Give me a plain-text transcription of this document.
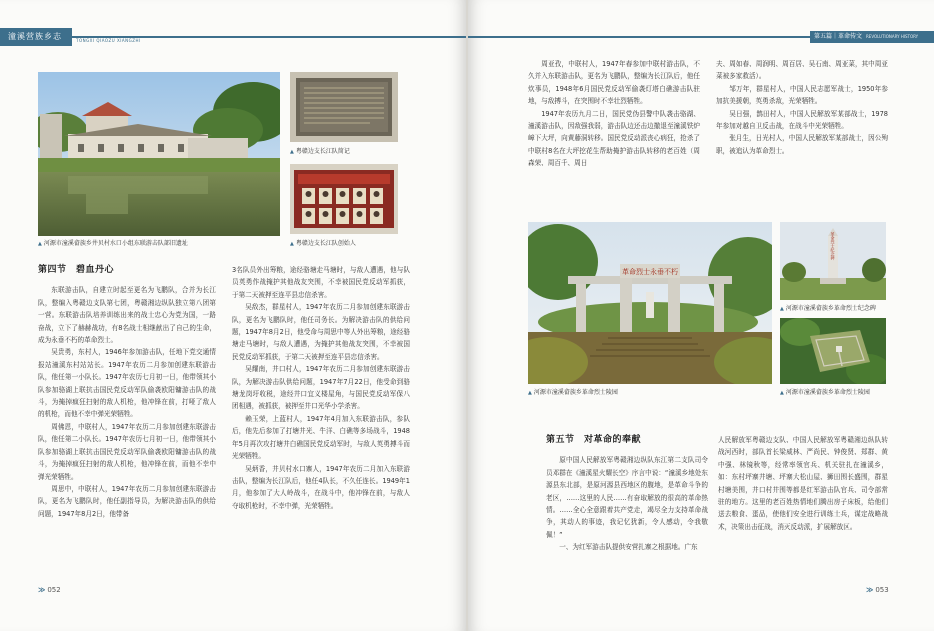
潼溪营族乡志	TONGXI QIAOZU XIANGZHI
▲ 河源市潼溪畲族乡井贝村水口小组东联游击队部旧遗址
▲ 粤赣边支长江队简记
▲ 粤赣边支长江队创始人
第四节　碧血丹心

东联游击队，自建立时起至更名为飞鹏队，合并为长江队，整编入粤赣边支队第七团，粤赣湘边纵队独立第八团第一营。东联游击队培养训练出来的战士忠心为党为国，一路奋战，立下了赫赫战功，有8名战士相继献出了自己的生命，成为永垂不朽的革命烈士。

吴贵勇，东村人，1946年参加游击队，任地下党交通情报站潼溪东村站站长。1947年农历二月参加创建东联游击队，他任第一小队长。1947年农历七月初一日，他带领其小队参加骆湖上联抗击国民党反动军队偷袭欧阳镛游击队的战斗，为掩掉疯狂扫射的敌人机枪，他冲锋在前，打哑了敌人的机枪，而他不幸中弹光荣牺牲。

周佛恩，中联村人，1947年农历二月参加创建东联游击队，他任第二小队长。1947年农历七月初一日，他带领其小队参加骆湖上联抗击国民党反动军队偷袭欧阳镛游击队的战斗，为掩掉疯狂扫射的敌人机枪，他冲锋在前，而他不幸中弹光荣牺牲。

周思中，中联村人，1947年农历二月参加创建东联游击队，更名为飞鹏队时，他任副指导员，为解决游击队的供给问题，1947年8月2日，他带备

3名队员外出筹粮，途经骆塘走马塘时，与敌人遭遇，他与队员英勇作战掩护其他战友突围，不幸被国民党反动军抓获，于第二天被押至连平县忠信杀害。

吴敌杰，群星村人，1947年农历二月参加创建东联游击队，更名为飞鹏队时，他任司务长。为解决游击队的供给问题，1947年8月2日，他受命与周思中等人外出筹粮，途经骆塘走马塘时，与敌人遭遇，为掩护其他战友突围，不幸被国民党反动军抓获，于第二天被押至连平县忠信杀害。

吴耀南，井口村人，1947年农历二月参加创建东联游击队，为解决游击队供给问题，1947年7月22日，他受命到骆塘龙岗圩收税，途经井口宜义楼屋角，与国民党反动军保八团相遇，被抓获，被押至井口光华小学杀害。

赖玉荣，上蓝村人，1947年4月加入东联游击队，参队后，他先后参加了打塘井光、牛洋、白礁等多场战斗，1948年5月再次攻打塘井白礁国民党反动军时，与敌人英勇搏斗而光荣牺牲。

吴炳香，井贝村水口寨人，1947年农历二月加入东联游击队，整编为长江队后，他任4队长，不久任连长。1949年1月，他参加了大人岭战斗，在战斗中，他冲锋在前，与敌人夺取机枪时，不幸中弹，光荣牺牲。

≫ 052
第五篇｜革命传文 REVOLUTIONARY HISTORY

周亚孜，中联村人，1947年春参加中联村游击队，不久并入东联游击队，更名为飞鹏队，整编为长江队后，他任炊事员，1948年6月国民党反动军偷袭灯塔白礁游击队驻地，与敌搏斗，在突围时不幸壮烈牺牲。

1947年农历九月二日，国民党伪县警中队袭击骆湖、潼溪游击队，因敌强我弱，游击队边还击边撤退至潼溪铁炉嶂下大坪，向黄藤洞转移。国民党反动派丧心病狂，抢杀了中联村8名在大坪挖花生帮助掩护游击队转移的老百姓（周森荣、周百千、周日

夫、周如春、周润明、周百居、吴石南、周亚菜，其中周亚菜被多家救活）。

邹万年，群星村人，中国人民志愿军战士，1950年参加抗美援朝，英勇杀敌，光荣牺牲。

吴日强，鹊田村人，中国人民解放军某部战士，1978年参加对越自卫反击战，在战斗中光荣牺牲。

张月生，日光村人，中国人民解放军某部战士，因公殉职，被追认为革命烈士。

革命烈士永垂不朽
▲ 河源市潼溪畲族乡革命烈士陵园
革命烈士纪念碑
▲ 河源市潼溪畲族乡革命烈士纪念碑
▲ 河源市潼溪畲族乡革命烈士陵园
第五节　对革命的奉献

原中国人民解放军粤赣湘边纵队东江第二支队司令员邓群在《潼溪星火耀长空》序言中说：“潼溪乡地处东源县东北部，是原河源县西地区的腹地，是革命斗争的老区，……这里的人民……有奋取解放的很高的革命热情。……全心全意跟着共产党走，竭尽全力支持革命战争，其动人的事迹，我记忆犹新，令人感动，令我敬佩！”

一、为红军游击队提供安营扎寨之根据地。广东

人民解放军粤赣边支队、中国人民解放军粤赣湘边纵队转战河西时，部队首长梁威林、严尚民、钟俊贤、郑群、黄中强、林镜秋等，经常率领官兵、机关驻扎在潼溪乡，如：东村坪寨井塘、坪寨大松山屋、狮田围长盛围，群星村塘美围，井口村井围等都是红军游击队官兵、司令部常驻的地方。这里的老百姓热情地们腾出房子床板，给他们送去粮食、蛋品，使他们安全进行训练士兵，谋定战略战术，决策出击征战，消灭反动派，扩展解放区。

≫ 053
